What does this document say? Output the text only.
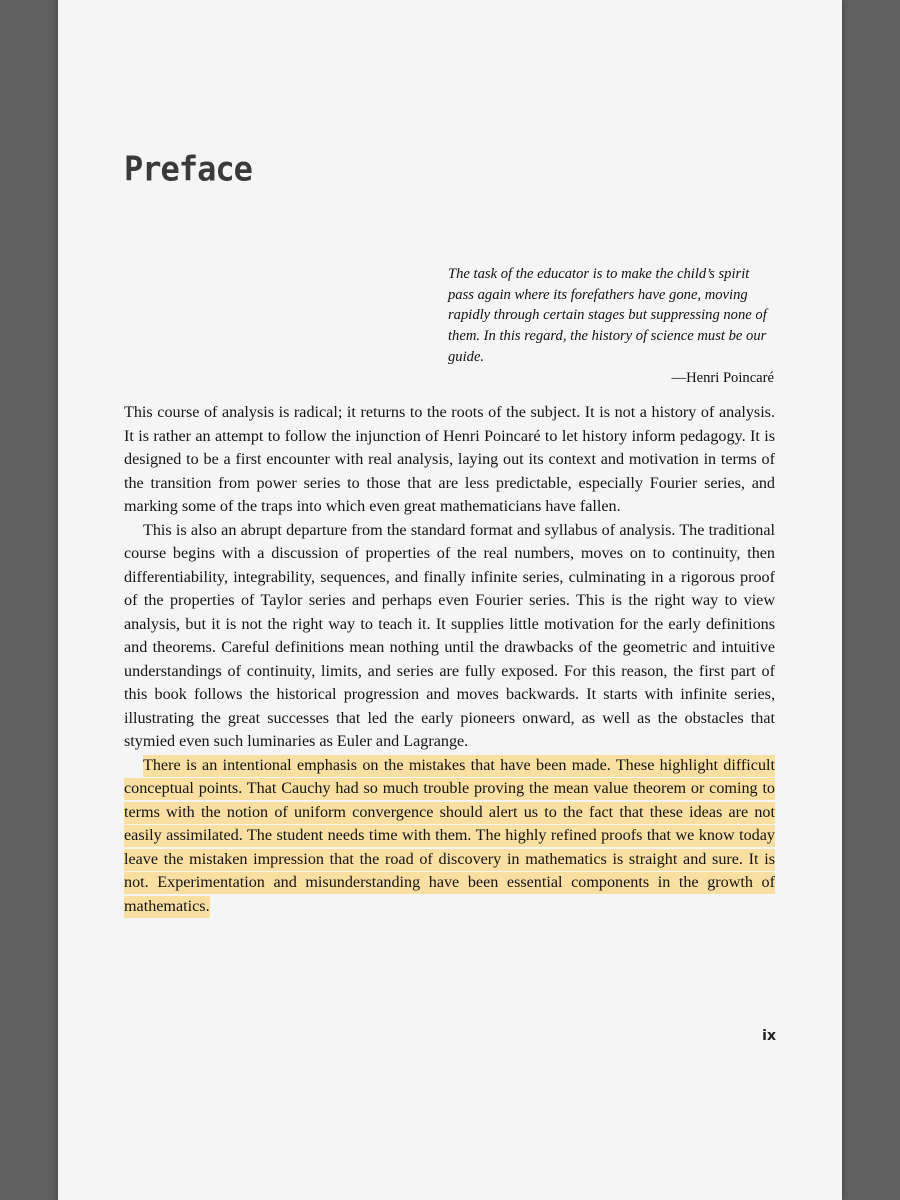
Preface

The task of the educator is to make the child’s spirit pass again where its forefathers have gone, moving rapidly through certain stages but suppressing none of them. In this regard, the history of science must be our guide.

—Henri Poincaré

This course of analysis is radical; it returns to the roots of the subject. It is not a history of analysis. It is rather an attempt to follow the injunction of Henri Poincaré to let history inform pedagogy. It is designed to be a first encounter with real analysis, laying out its context and motivation in terms of the transition from power series to those that are less predictable, especially Fourier series, and marking some of the traps into which even great mathematicians have fallen.

This is also an abrupt departure from the standard format and syllabus of analysis. The traditional course begins with a discussion of properties of the real numbers, moves on to continuity, then differentiability, integrability, sequences, and finally infinite series, culminating in a rigorous proof of the properties of Taylor series and perhaps even Fourier series. This is the right way to view analysis, but it is not the right way to teach it. It supplies little motivation for the early definitions and theorems. Careful definitions mean nothing until the drawbacks of the geometric and intuitive understandings of continuity, limits, and series are fully exposed. For this reason, the first part of this book follows the historical progression and moves backwards. It starts with infinite series, illustrating the great successes that led the early pioneers onward, as well as the obstacles that stymied even such luminaries as Euler and Lagrange.

There is an intentional emphasis on the mistakes that have been made. These highlight difficult conceptual points. That Cauchy had so much trouble proving the mean value theorem or coming to terms with the notion of uniform convergence should alert us to the fact that these ideas are not easily assimilated. The student needs time with them. The highly refined proofs that we know today leave the mistaken impression that the road of discovery in mathematics is straight and sure. It is not. Experimentation and misunderstanding have been essential components in the growth of mathematics.

ix
